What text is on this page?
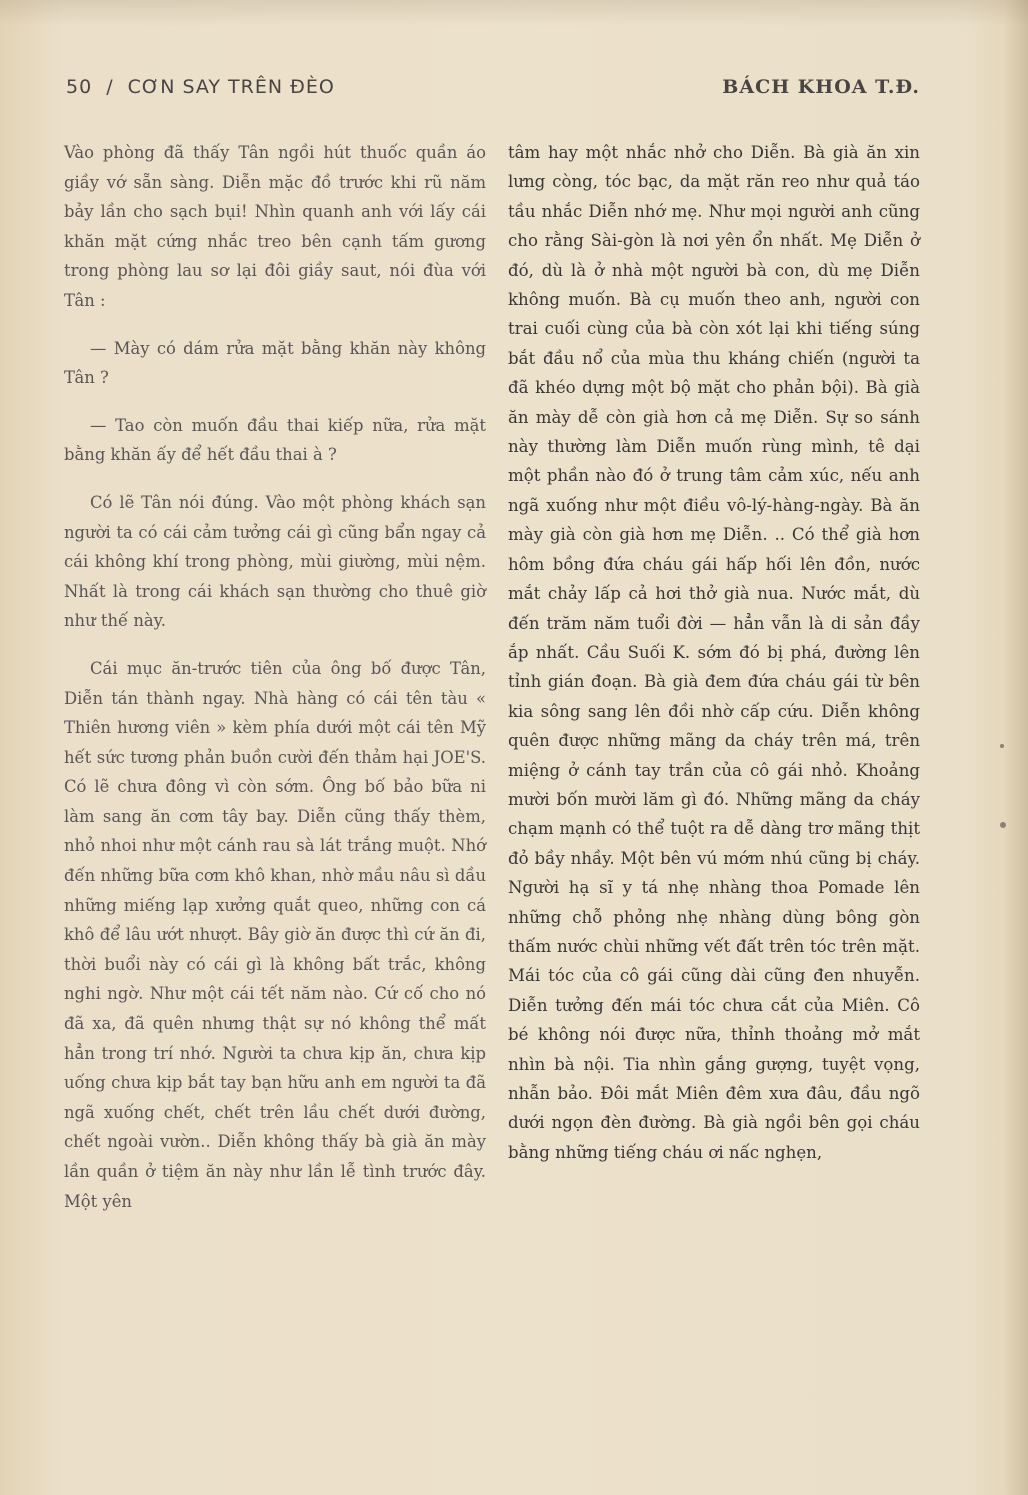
50 / CƠN SAY TRÊN ĐÈO	BÁCH KHOA T.Đ.

Vào phòng đã thấy Tân ngồi hút thuốc quần áo giầy vớ sẵn sàng. Diễn mặc đồ trước khi rũ năm bảy lần cho sạch bụi! Nhìn quanh anh với lấy cái khăn mặt cứng nhắc treo bên cạnh tấm gương trong phòng lau sơ lại đôi giầy saut, nói đùa với Tân :

— Mày có dám rửa mặt bằng khăn này không Tân ?

— Tao còn muốn đầu thai kiếp nữa, rửa mặt bằng khăn ấy để hết đầu thai à ?

Có lẽ Tân nói đúng. Vào một phòng khách sạn người ta có cái cảm tưởng cái gì cũng bẩn ngay cả cái không khí trong phòng, mùi giường, mùi nệm. Nhất là trong cái khách sạn thường cho thuê giờ như thế này.

Cái mục ăn-trước tiên của ông bố được Tân, Diễn tán thành ngay. Nhà hàng có cái tên tàu « Thiên hương viên » kèm phía dưới một cái tên Mỹ hết sức tương phản buồn cười đến thảm hại JOE'S. Có lẽ chưa đông vì còn sớm. Ông bố bảo bữa ni làm sang ăn cơm tây bay. Diễn cũng thấy thèm, nhỏ nhoi như một cánh rau sà lát trắng muột. Nhớ đến những bữa cơm khô khan, nhờ mầu nâu sì dầu những miếng lạp xưởng quắt queo, những con cá khô để lâu ướt nhượt. Bây giờ ăn được thì cứ ăn đi, thời buổi này có cái gì là không bất trắc, không nghi ngờ. Như một cái tết năm nào. Cứ cố cho nó đã xa, đã quên nhưng thật sự nó không thể mất hẳn trong trí nhớ. Người ta chưa kịp ăn, chưa kịp uống chưa kịp bắt tay bạn hữu anh em người ta đã ngã xuống chết, chết trên lầu chết dưới đường, chết ngoài vườn.. Diễn không thấy bà già ăn mày lần quần ở tiệm ăn này như lần lễ tình trước đây. Một yên

tâm hay một nhắc nhở cho Diễn. Bà già ăn xin lưng còng, tóc bạc, da mặt răn reo như quả táo tầu nhắc Diễn nhớ mẹ. Như mọi người anh cũng cho rằng Sài-gòn là nơi yên ổn nhất. Mẹ Diễn ở đó, dù là ở nhà một người bà con, dù mẹ Diễn không muốn. Bà cụ muốn theo anh, người con trai cuối cùng của bà còn xót lại khi tiếng súng bắt đầu nổ của mùa thu kháng chiến (người ta đã khéo dựng một bộ mặt cho phản bội). Bà già ăn mày dễ còn già hơn cả mẹ Diễn. Sự so sánh này thường làm Diễn muốn rùng mình, tê dại một phần nào đó ở trung tâm cảm xúc, nếu anh ngã xuống như một điều vô-lý-hàng-ngày. Bà ăn mày già còn già hơn mẹ Diễn. .. Có thể già hơn hôm bồng đứa cháu gái hấp hối lên đồn, nước mắt chảy lấp cả hơi thở già nua. Nước mắt, dù đến trăm năm tuổi đời — hẳn vẫn là di sản đầy ắp nhất. Cầu Suối K. sớm đó bị phá, đường lên tỉnh gián đoạn. Bà già đem đứa cháu gái từ bên kia sông sang lên đồi nhờ cấp cứu. Diễn không quên được những mãng da cháy trên má, trên miệng ở cánh tay trần của cô gái nhỏ. Khoảng mười bốn mười lăm gì đó. Những mãng da cháy chạm mạnh có thể tuột ra dễ dàng trơ mãng thịt đỏ bầy nhầy. Một bên vú mớm nhú cũng bị cháy. Người hạ sĩ y tá nhẹ nhàng thoa Pomade lên những chỗ phỏng nhẹ nhàng dùng bông gòn thấm nước chùi những vết đất trên tóc trên mặt. Mái tóc của cô gái cũng dài cũng đen nhuyễn. Diễn tưởng đến mái tóc chưa cắt của Miên. Cô bé không nói được nữa, thỉnh thoảng mở mắt nhìn bà nội. Tia nhìn gắng gượng, tuyệt vọng, nhẫn bảo. Đôi mắt Miên đêm xưa đâu, đầu ngõ dưới ngọn đèn đường. Bà già ngồi bên gọi cháu bằng những tiếng cháu ơi nấc nghẹn,
